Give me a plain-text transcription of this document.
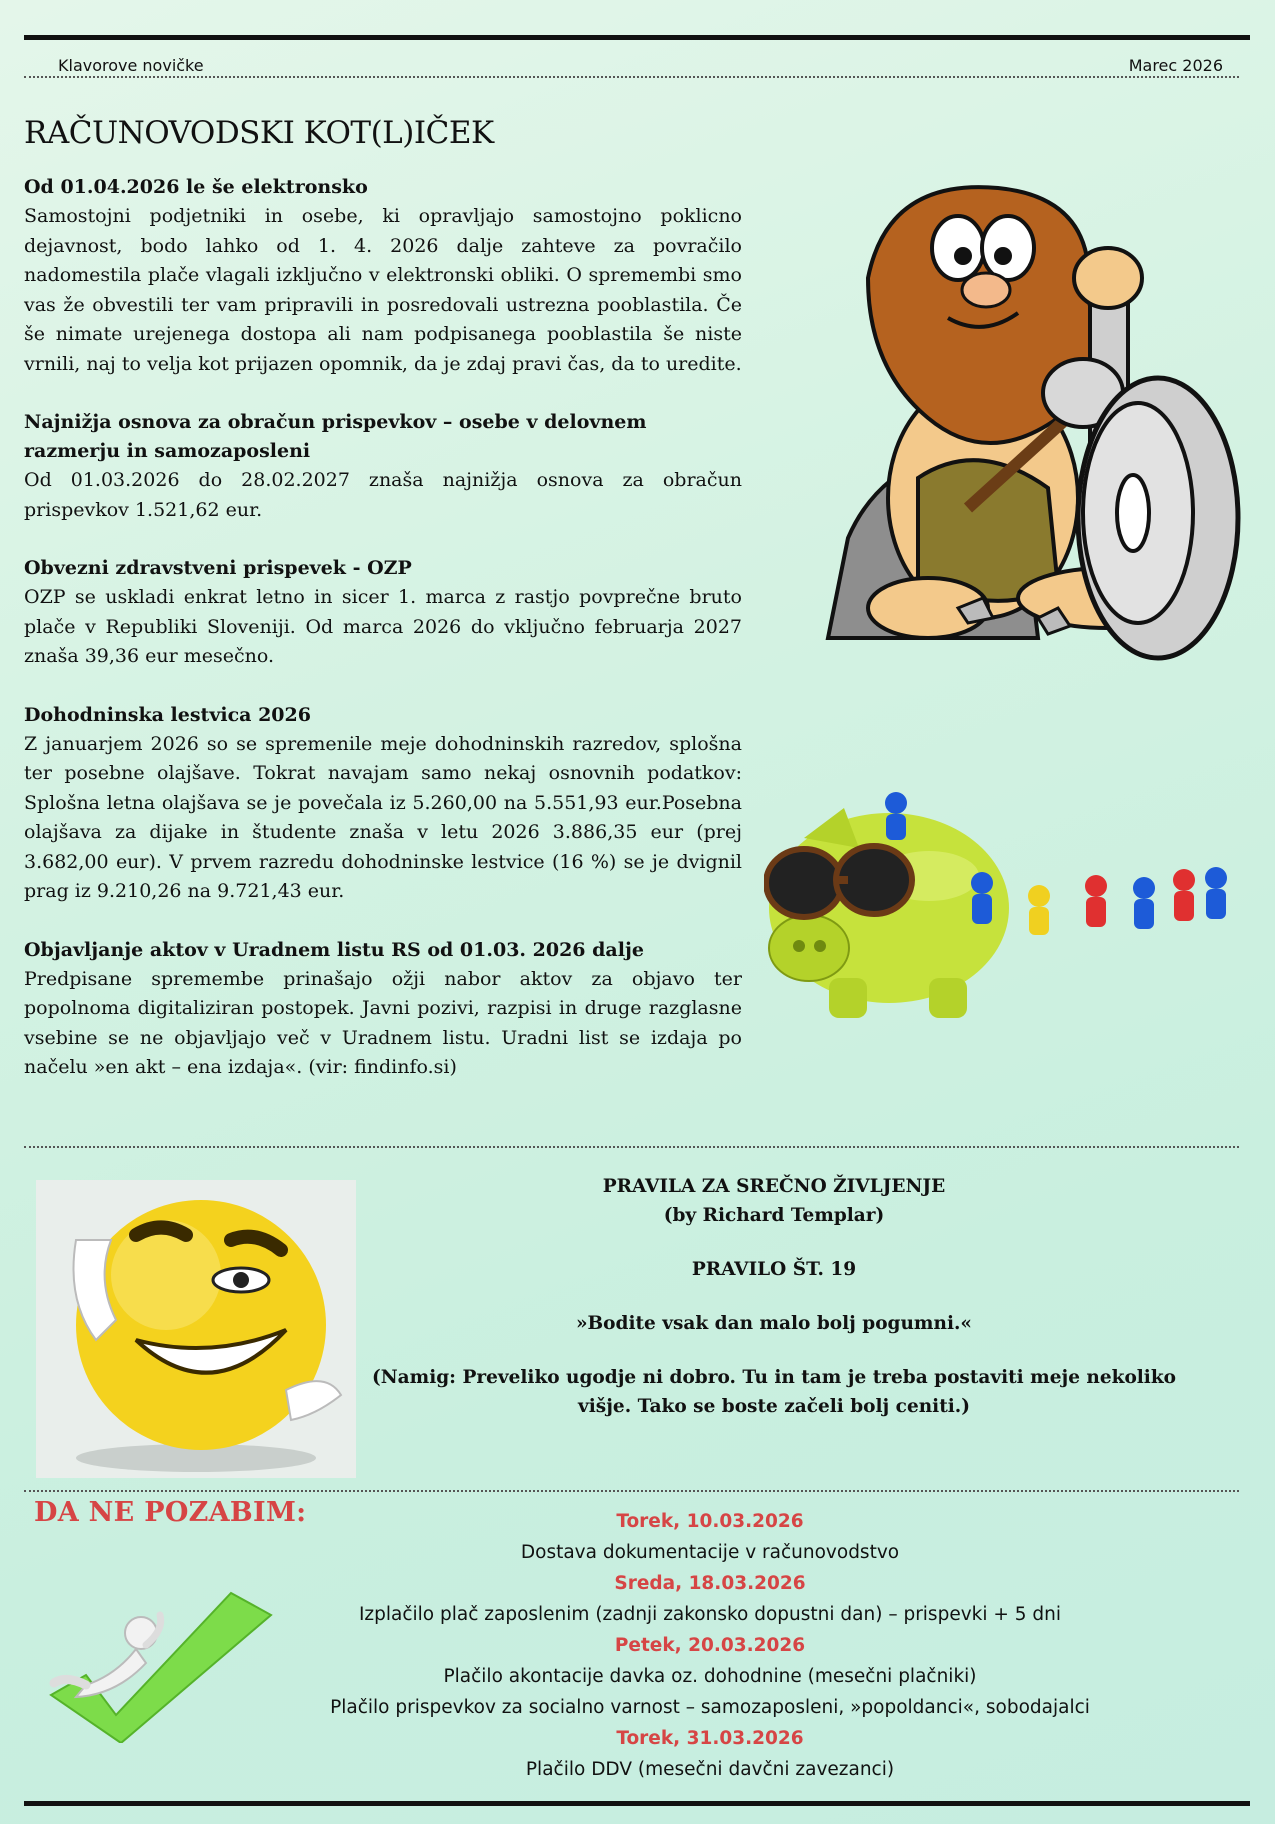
Klavorove novičke	Marec 2026
RAČUNOVODSKI KOT(L)IČEK
Od 01.04.2026 le še elektronsko

Samostojni podjetniki in osebe, ki opravljajo samostojno poklicno dejavnost, bodo lahko od 1. 4. 2026 dalje zahteve za povračilo nadomestila plače vlagali izključno v elektronski obliki. O spremembi smo vas že obvestili ter vam pripravili in posredovali ustrezna pooblastila. Če še nimate urejenega dostopa ali nam podpisanega pooblastila še niste vrnili, naj to velja kot prijazen opomnik, da je zdaj pravi čas, da to uredite.

Najnižja osnova za obračun prispevkov – osebe v delovnem razmerju in samozaposleni

Od 01.03.2026 do 28.02.2027 znaša najnižja osnova za obračun prispevkov 1.521,62 eur.

Obvezni zdravstveni prispevek - OZP

OZP se uskladi enkrat letno in sicer 1. marca z rastjo povprečne bruto plače v Republiki Sloveniji. Od marca 2026 do vključno februarja 2027 znaša 39,36 eur mesečno.

Dohodninska lestvica 2026

Z januarjem 2026 so se spremenile meje dohodninskih razredov, splošna ter posebne olajšave. Tokrat navajam samo nekaj osnovnih podatkov: Splošna letna olajšava se je povečala iz 5.260,00 na 5.551,93 eur.Posebna olajšava za dijake in študente znaša v letu 2026 3.886,35 eur (prej 3.682,00 eur). V prvem razredu dohodninske lestvice (16 %) se je dvignil prag iz 9.210,26 na 9.721,43 eur.

Objavljanje aktov v Uradnem listu RS od 01.03. 2026 dalje

Predpisane spremembe prinašajo ožji nabor aktov za objavo ter popolnoma digitaliziran postopek. Javni pozivi, razpisi in druge razglasne vsebine se ne objavljajo več v Uradnem listu. Uradni list se izdaja po načelu »en akt – ena izdaja«. (vir: findinfo.si)

PRAVILA ZA SREČNO ŽIVLJENJE
(by Richard Templar)
PRAVILO ŠT. 19
»Bodite vsak dan malo bolj pogumni.«
(Namig: Preveliko ugodje ni dobro. Tu in tam je treba postaviti meje nekoliko višje. Tako se boste začeli bolj ceniti.)
DA NE POZABIM:	Torek, 10.03.2026
Dostava dokumentacije v računovodstvo
Sreda, 18.03.2026
Izplačilo plač zaposlenim (zadnji zakonsko dopustni dan) – prispevki + 5 dni
Petek, 20.03.2026
Plačilo akontacije davka oz. dohodnine (mesečni plačniki)
Plačilo prispevkov za socialno varnost – samozaposleni, »popoldanci«, sobodajalci
Torek, 31.03.2026
Plačilo DDV (mesečni davčni zavezanci)
